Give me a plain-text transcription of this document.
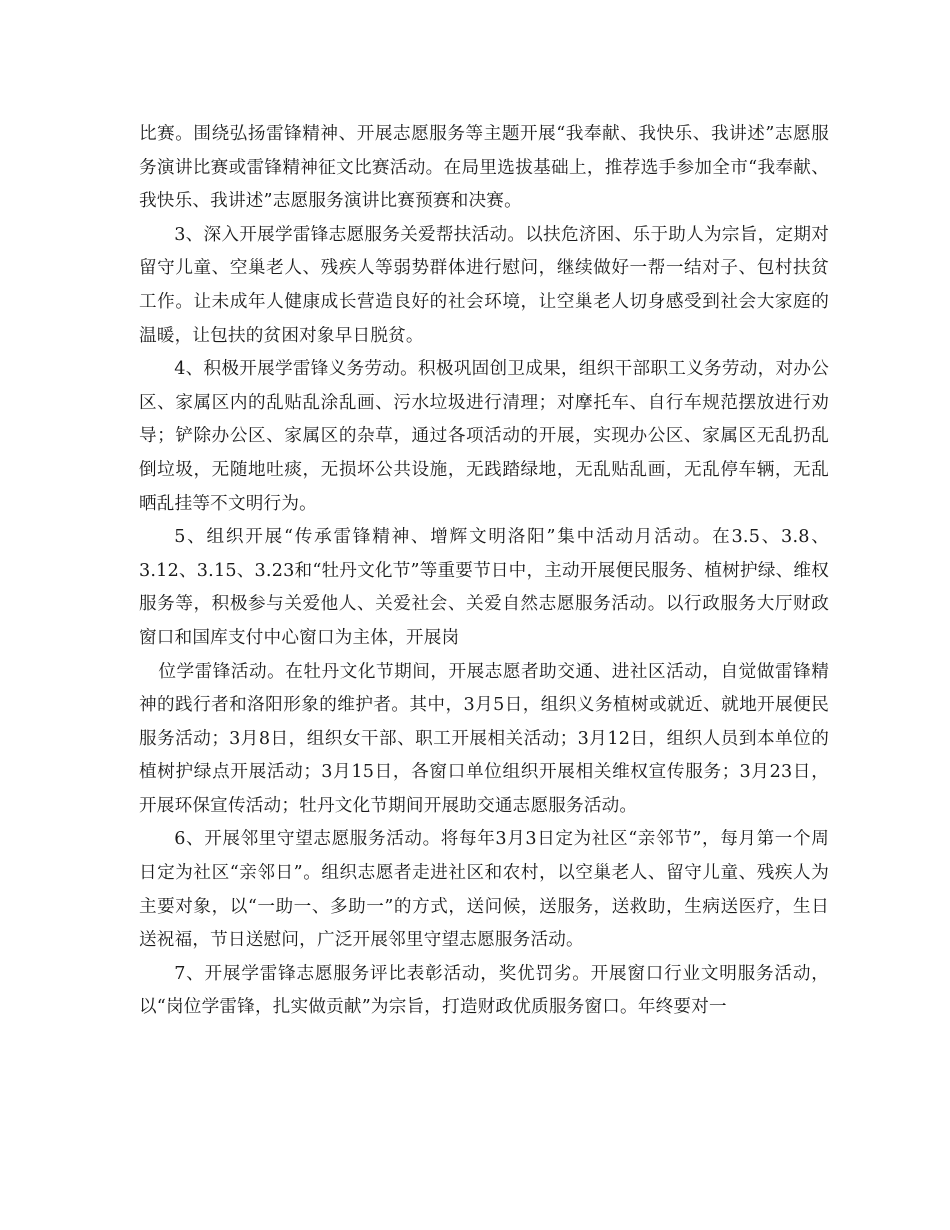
比赛。围绕弘扬雷锋精神、开展志愿服务等主题开展“我奉献、我快乐、我讲述”志愿服务演讲比赛或雷锋精神征文比赛活动。在局里选拔基础上，推荐选手参加全市“我奉献、我快乐、我讲述”志愿服务演讲比赛预赛和决赛。

3、深入开展学雷锋志愿服务关爱帮扶活动。以扶危济困、乐于助人为宗旨，定期对留守儿童、空巢老人、残疾人等弱势群体进行慰问，继续做好一帮一结对子、包村扶贫工作。让未成年人健康成长营造良好的社会环境，让空巢老人切身感受到社会大家庭的温暖，让包扶的贫困对象早日脱贫。

4、积极开展学雷锋义务劳动。积极巩固创卫成果，组织干部职工义务劳动，对办公区、家属区内的乱贴乱涂乱画、污水垃圾进行清理；对摩托车、自行车规范摆放进行劝导；铲除办公区、家属区的杂草，通过各项活动的开展，实现办公区、家属区无乱扔乱倒垃圾，无随地吐痰，无损坏公共设施，无践踏绿地，无乱贴乱画，无乱停车辆，无乱晒乱挂等不文明行为。

5、组织开展“传承雷锋精神、增辉文明洛阳”集中活动月活动。在3.5、3.8、3.12、3.15、3.23和“牡丹文化节”等重要节日中，主动开展便民服务、植树护绿、维权服务等，积极参与关爱他人、关爱社会、关爱自然志愿服务活动。以行政服务大厅财政窗口和国库支付中心窗口为主体，开展岗

位学雷锋活动。在牡丹文化节期间，开展志愿者助交通、进社区活动，自觉做雷锋精神的践行者和洛阳形象的维护者。其中，3月5日，组织义务植树或就近、就地开展便民服务活动；3月8日，组织女干部、职工开展相关活动；3月12日，组织人员到本单位的植树护绿点开展活动；3月15日，各窗口单位组织开展相关维权宣传服务；3月23日，开展环保宣传活动；牡丹文化节期间开展助交通志愿服务活动。

6、开展邻里守望志愿服务活动。将每年3月3日定为社区“亲邻节”，每月第一个周日定为社区“亲邻日”。组织志愿者走进社区和农村，以空巢老人、留守儿童、残疾人为主要对象，以“一助一、多助一”的方式，送问候，送服务，送救助，生病送医疗，生日送祝福，节日送慰问，广泛开展邻里守望志愿服务活动。

7、开展学雷锋志愿服务评比表彰活动，奖优罚劣。开展窗口行业文明服务活动，以“岗位学雷锋，扎实做贡献”为宗旨，打造财政优质服务窗口。年终要对一
